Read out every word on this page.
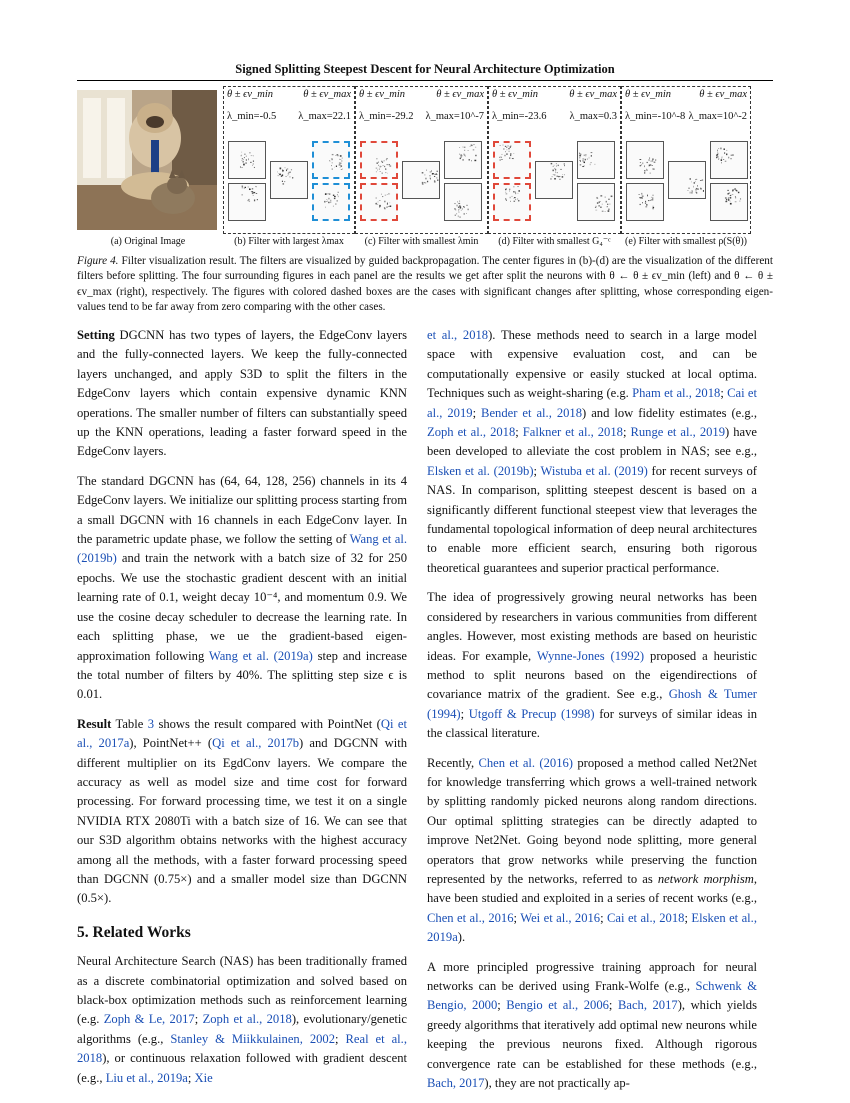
Signed Splitting Steepest Descent for Neural Architecture Optimization
θ ± ϵv_min	θ ± ϵv_max
λ_min=-0.5 λ_max=22.1
θ ± ϵv_min	θ ± ϵv_max
λ_min=-29.2 λ_max=10^-7
θ ± ϵv_min	θ ± ϵv_max
λ_min=-23.6 λ_max=0.3
θ ± ϵv_min	θ ± ϵv_max
λ_min=-10^-8 λ_max=10^-2
(a) Original Image	(b) Filter with largest λmax	(c) Filter with smallest λmin	(d) Filter with smallest G₄⁻ᶜ	(e) Filter with smallest ρ(S(θ))
Figure 4. Filter visualization result. The filters are visualized by guided backpropagation. The center figures in (b)-(d) are the visualization of the different filters before splitting. The four surrounding figures in each panel are the results we get after split the neurons with θ ← θ ± ϵv_min (left) and θ ← θ ± ϵv_max (right), respectively. The figures with colored dashed boxes are the cases with significant changes after splitting, whose corresponding eigen-values tend to be far away from zero comparing with the other cases.

Setting DGCNN has two types of layers, the EdgeConv layers and the fully-connected layers. We keep the fully-connected layers unchanged, and apply S3D to split the filters in the EdgeConv layers which contain expensive dynamic KNN operations. The smaller number of filters can substantially speed up the KNN operations, leading a faster forward speed in the EdgeConv layers.

The standard DGCNN has (64, 64, 128, 256) channels in its 4 EdgeConv layers. We initialize our splitting process starting from a small DGCNN with 16 channels in each EdgeConv layer. In the parametric update phase, we follow the setting of Wang et al. (2019b) and train the network with a batch size of 32 for 250 epochs. We use the stochastic gradient descent with an initial learning rate of 0.1, weight decay 10⁻⁴, and momentum 0.9. We use the cosine decay scheduler to decrease the learning rate. In each splitting phase, we ue the gradient-based eigen-approximation following Wang et al. (2019a) step and increase the total number of filters by 40%. The splitting step size ϵ is 0.01.

Result Table 3 shows the result compared with PointNet (Qi et al., 2017a), PointNet++ (Qi et al., 2017b) and DGCNN with different multiplier on its EgdConv layers. We compare the accuracy as well as model size and time cost for forward processing. For forward processing time, we test it on a single NVIDIA RTX 2080Ti with a batch size of 16. We can see that our S3D algorithm obtains networks with the highest accuracy among all the methods, with a faster forward processing speed than DGCNN (0.75×) and a smaller model size than DGCNN (0.5×).

5. Related Works

Neural Architecture Search (NAS) has been traditionally framed as a discrete combinatorial optimization and solved based on black-box optimization methods such as reinforcement learning (e.g. Zoph & Le, 2017; Zoph et al., 2018), evolutionary/genetic algorithms (e.g., Stanley & Miikkulainen, 2002; Real et al., 2018), or continuous relaxation followed with gradient descent (e.g., Liu et al., 2019a; Xie

et al., 2018). These methods need to search in a large model space with expensive evaluation cost, and can be computationally expensive or easily stucked at local optima. Techniques such as weight-sharing (e.g. Pham et al., 2018; Cai et al., 2019; Bender et al., 2018) and low fidelity estimates (e.g., Zoph et al., 2018; Falkner et al., 2018; Runge et al., 2019) have been developed to alleviate the cost problem in NAS; see e.g., Elsken et al. (2019b); Wistuba et al. (2019) for recent surveys of NAS. In comparison, splitting steepest descent is based on a significantly different functional steepest view that leverages the fundamental topological information of deep neural architectures to enable more efficient search, ensuring both rigorous theoretical guarantees and superior practical performance.

The idea of progressively growing neural networks has been considered by researchers in various communities from different angles. However, most existing methods are based on heuristic ideas. For example, Wynne-Jones (1992) proposed a heuristic method to split neurons based on the eigendirections of covariance matrix of the gradient. See e.g., Ghosh & Tumer (1994); Utgoff & Precup (1998) for surveys of similar ideas in the classical literature.

Recently, Chen et al. (2016) proposed a method called Net2Net for knowledge transferring which grows a well-trained network by splitting randomly picked neurons along random directions. Our optimal splitting strategies can be directly adapted to improve Net2Net. Going beyond node splitting, more general operators that grow networks while preserving the function represented by the networks, referred to as network morphism, have been studied and exploited in a series of recent works (e.g., Chen et al., 2016; Wei et al., 2016; Cai et al., 2018; Elsken et al., 2019a).

A more principled progressive training approach for neural networks can be derived using Frank-Wolfe (e.g., Schwenk & Bengio, 2000; Bengio et al., 2006; Bach, 2017), which yields greedy algorithms that iteratively add optimal new neurons while keeping the previous neurons fixed. Although rigorous convergence rate can be established for these methods (e.g., Bach, 2017), they are not practically ap-
